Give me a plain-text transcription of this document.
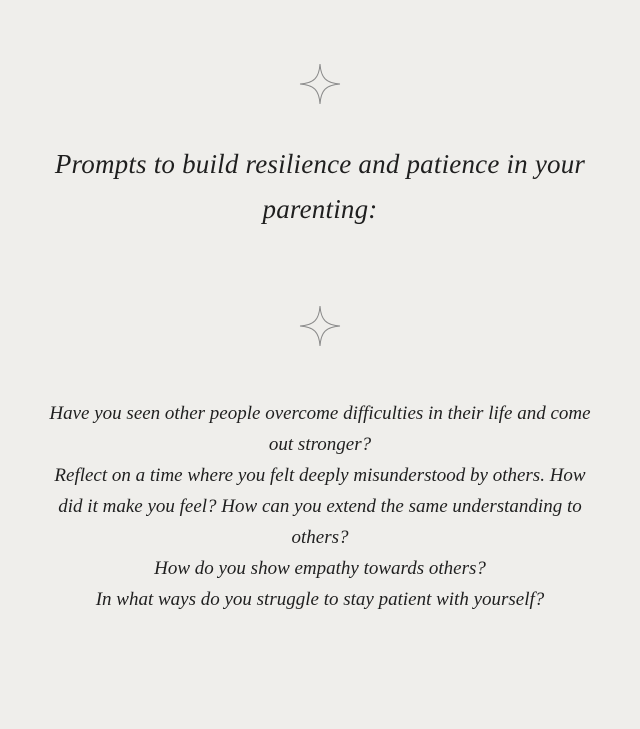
Prompts to build resilience and patience in your parenting:

Have you seen other people overcome difficulties in their life and come out stronger?

Reflect on a time where you felt deeply misunderstood by others. How did it make you feel? How can you extend the same understanding to others?

How do you show empathy towards others?

In what ways do you struggle to stay patient with yourself?
